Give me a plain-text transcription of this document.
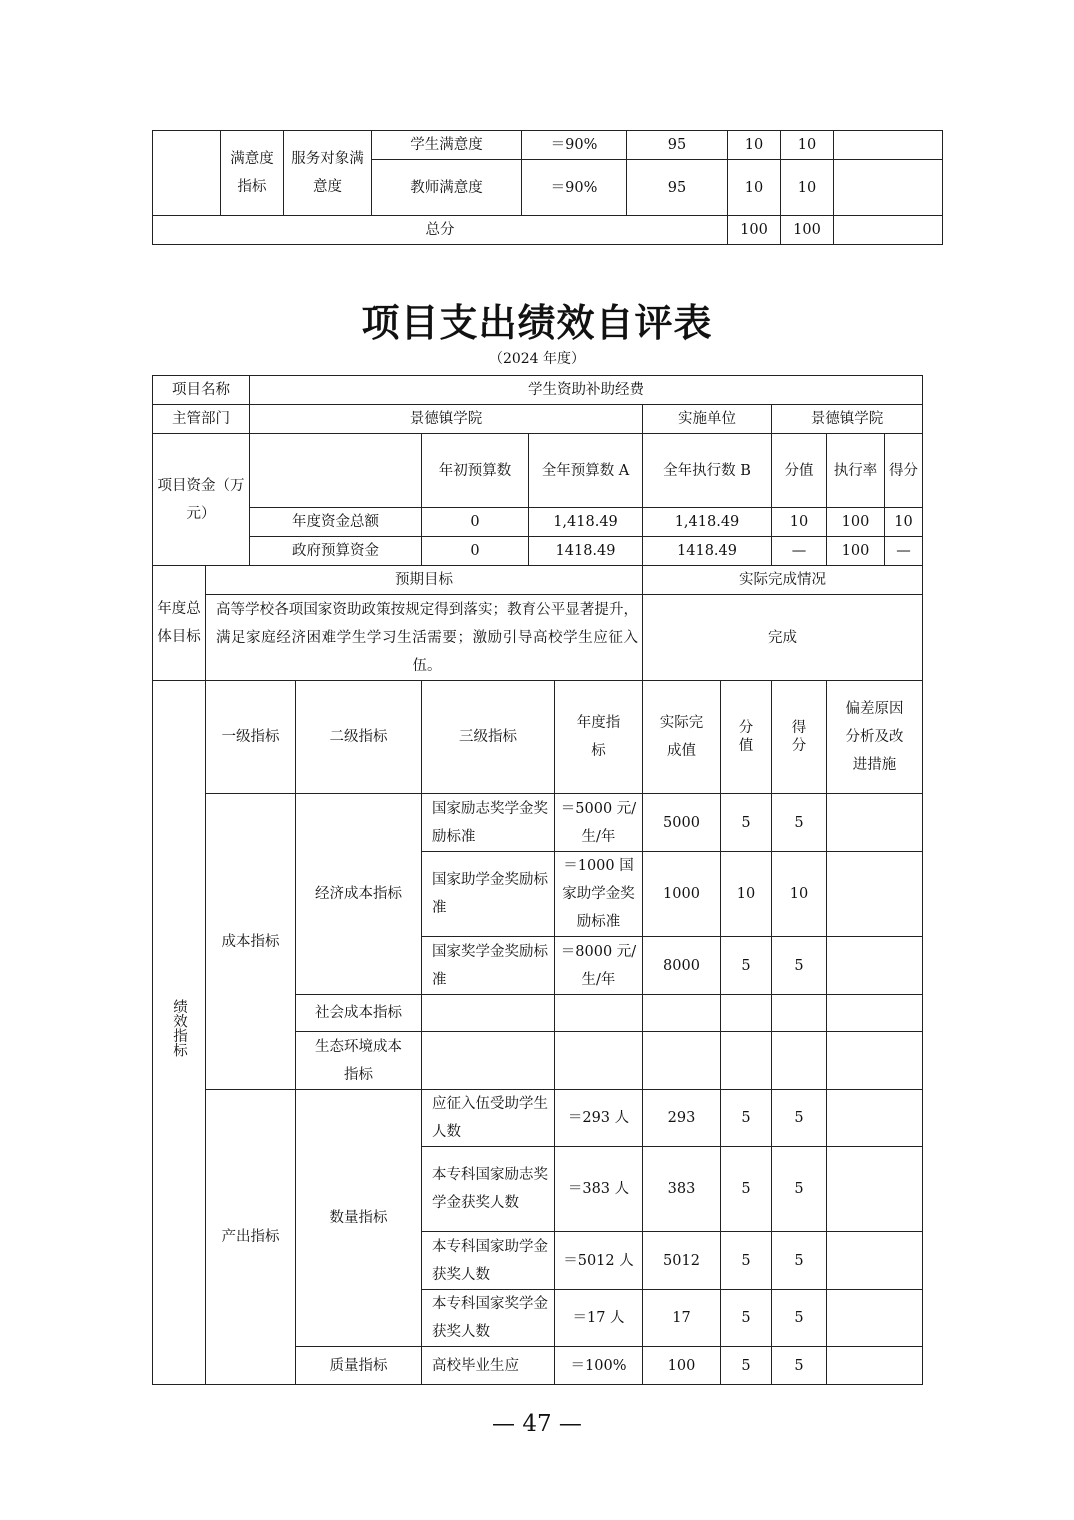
	满意度指标	服务对象满意度	学生满意度	＝90%	95	10	10	
			教师满意度	＝90%	95	10	10	
总分						100	100	
项目支出绩效自评表
（2024 年度）
项目名称		学生资助补助经费									
主管部门		景德镇学院					实施单位		景德镇学院		
项目资金（万元）				年初预算数	全年预算数 A		全年执行数 B		分值	执行率	得分
		年度资金总额		0	1,418.49		1,418.49		10	100	10
		政府预算资金		0	1418.49		1418.49		—	100	—
年度总体目标	预期目标						实际完成情况				
	高等学校各项国家资助政策按规定得到落实；教育公平显著提升，满足家庭经济困难学生学习生活需要；激励引导高校学生应征入伍。						完成				
绩效指标	一级指标		二级指标	三级指标		年度指标	实际完成值	分值	得分	偏差原因分析及改进措施	
	成本指标		经济成本指标	国家励志奖学金奖励标准		＝5000 元/生/年	5000	5	5		
				国家助学金奖励标准		＝1000 国家助学金奖励标准	1000	10	10		
				国家奖学金奖励标准		＝8000 元/生/年	8000	5	5		
			社会成本指标								
			生态环境成本指标								
	产出指标		数量指标	应征入伍受助学生人数		＝293 人	293	5	5		
				本专科国家励志奖学金获奖人数		＝383 人	383	5	5		
				本专科国家助学金获奖人数		＝5012 人	5012	5	5		
				本专科国家奖学金获奖人数		＝17 人	17	5	5		
			质量指标	高校毕业生应		＝100%	100	5	5		
— 47 —
